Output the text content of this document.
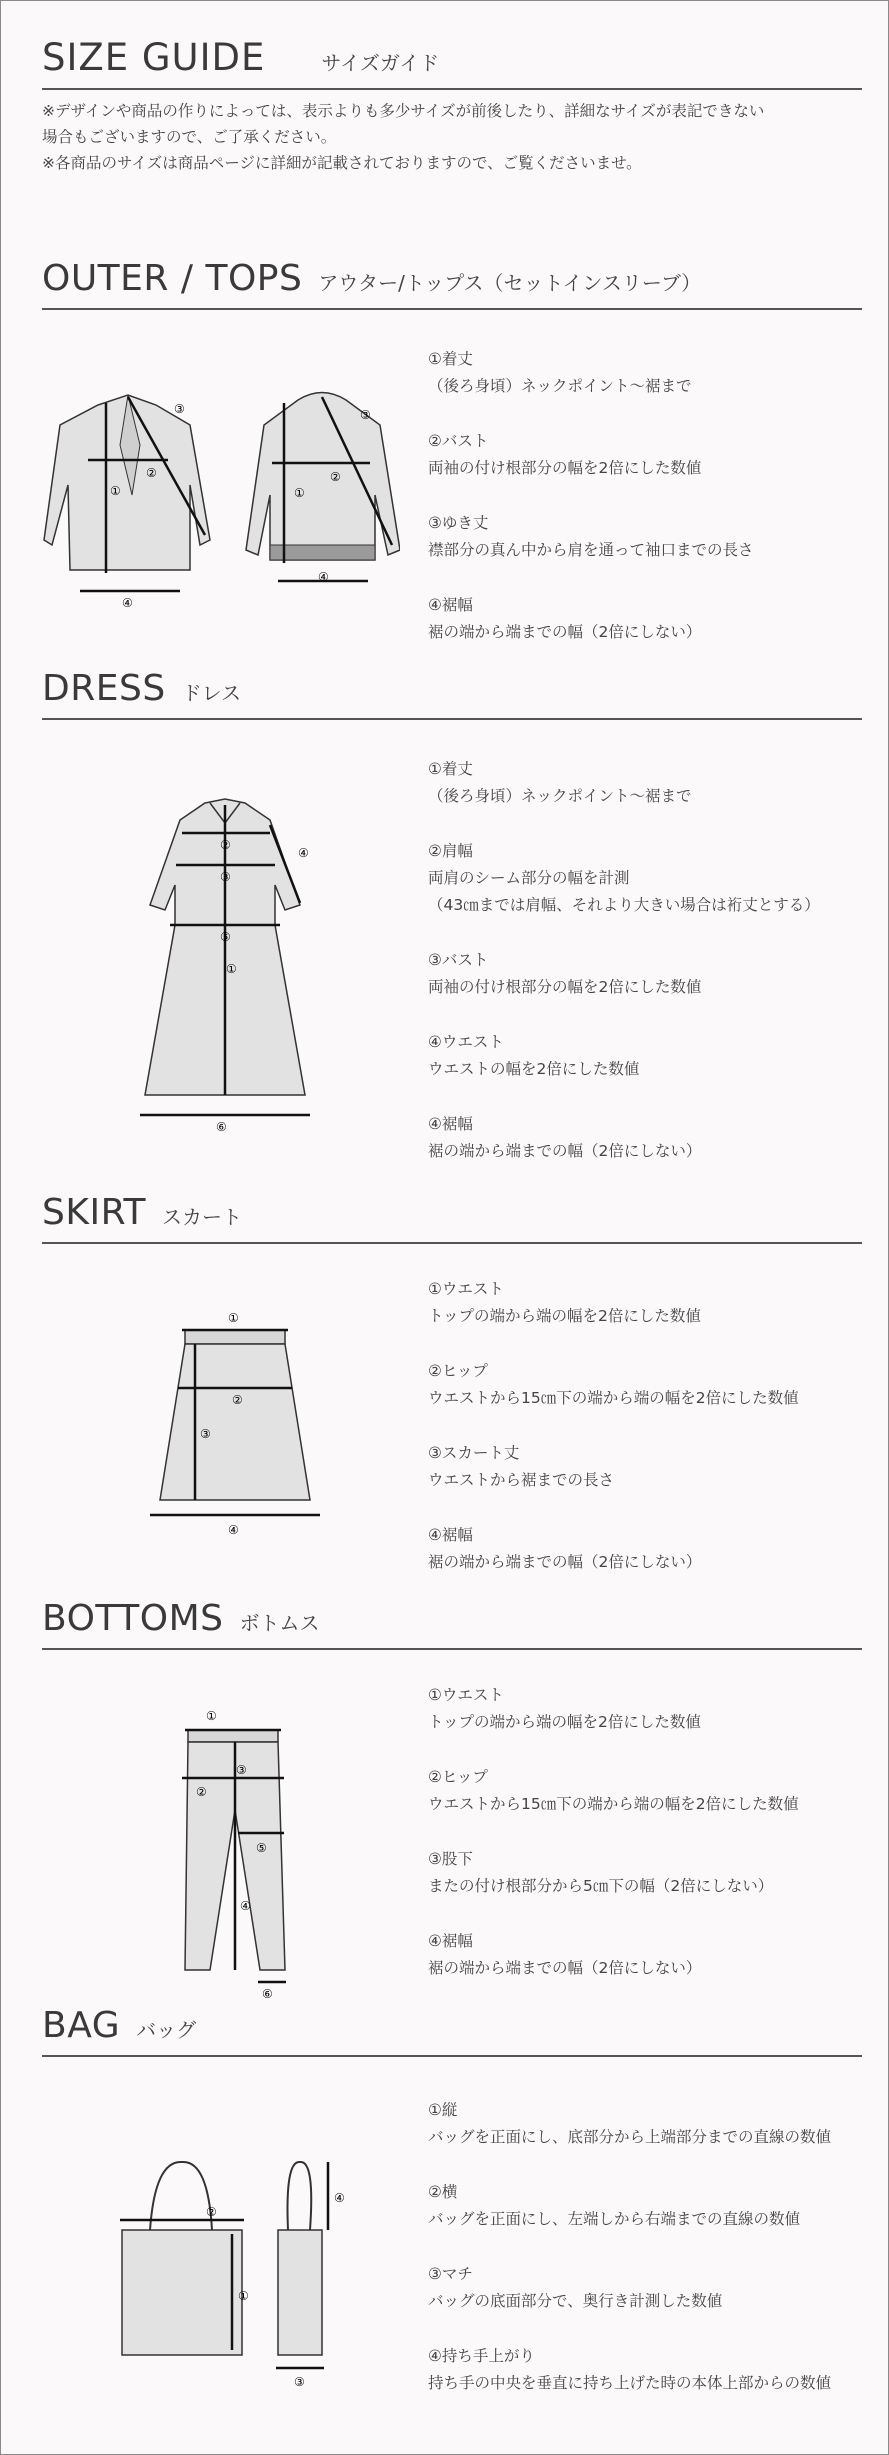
SIZE GUIDE	サイズガイド
※デザインや商品の作りによっては、表示よりも多少サイズが前後したり、詳細なサイズが表記できない
場合もございますので、ご了承ください。
※各商品のサイズは商品ページに詳細が記載されておりますので、ご覧くださいませ。
OUTER / TOPS アウター/トップス（セットインスリーブ）
①着丈
（後ろ身頃）ネックポイント〜裾まで
②バスト
両袖の付け根部分の幅を2倍にした数値
③ゆき丈
襟部分の真ん中から肩を通って袖口までの長さ
④裾幅
裾の端から端までの幅（2倍にしない）
①
②
③
④
①
②
③
④
DRESS ドレス
①着丈
（後ろ身頃）ネックポイント〜裾まで
②肩幅
両肩のシーム部分の幅を計測
（43㎝までは肩幅、それより大きい場合は裄丈とする）
③バスト
両袖の付け根部分の幅を2倍にした数値
④ウエスト
ウエストの幅を2倍にした数値
④裾幅
裾の端から端までの幅（2倍にしない）
①
②
③
④
⑤
⑥
SKIRT スカート
①ウエスト
トップの端から端の幅を2倍にした数値
②ヒップ
ウエストから15㎝下の端から端の幅を2倍にした数値
③スカート丈
ウエストから裾までの長さ
④裾幅
裾の端から端までの幅（2倍にしない）
①
②
③
④
BOTTOMS ボトムス
①ウエスト
トップの端から端の幅を2倍にした数値
②ヒップ
ウエストから15㎝下の端から端の幅を2倍にした数値
③股下
またの付け根部分から5㎝下の幅（2倍にしない）
④裾幅
裾の端から端までの幅（2倍にしない）
①
②
③
④
⑤
⑥
BAG バッグ
①縦
バッグを正面にし、底部分から上端部分までの直線の数値
②横
バッグを正面にし、左端しから右端までの直線の数値
③マチ
バッグの底面部分で、奥行き計測した数値
④持ち手上がり
持ち手の中央を垂直に持ち上げた時の本体上部からの数値
①
②
③
④
